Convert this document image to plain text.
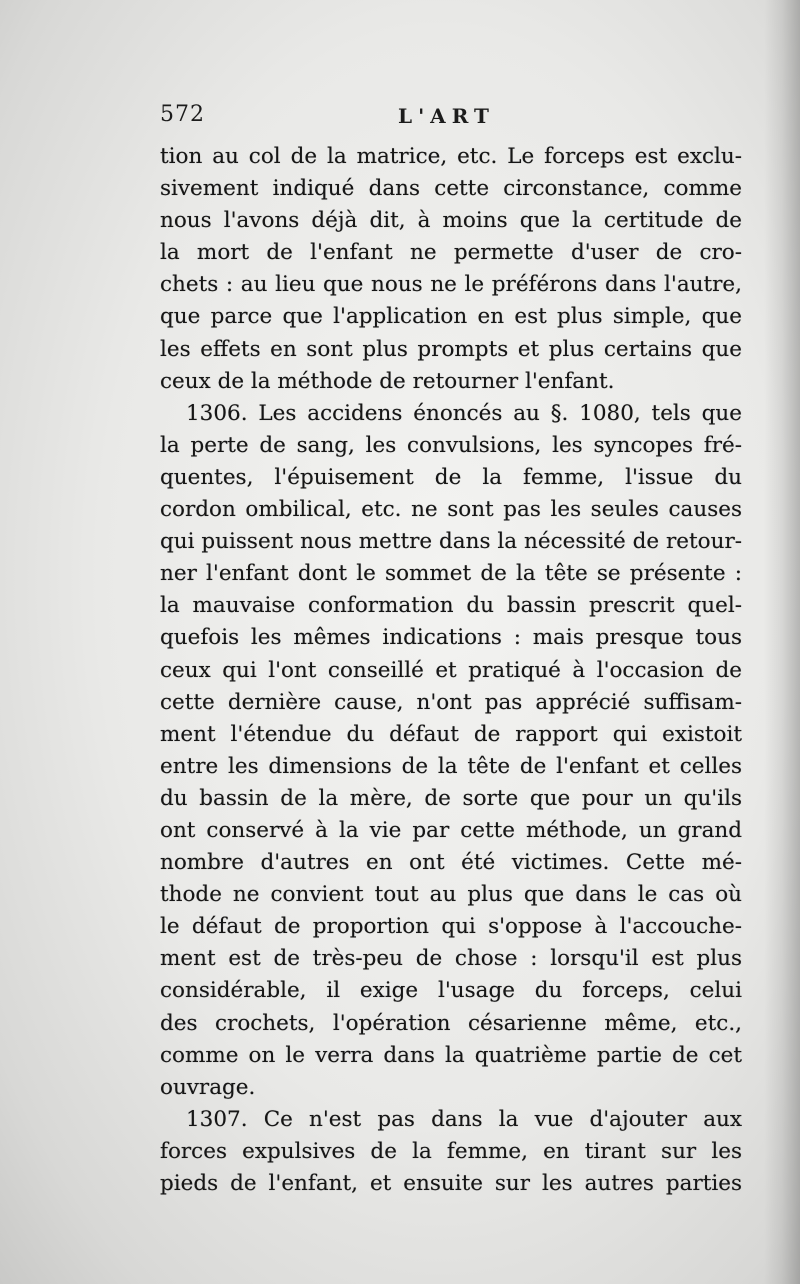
572	L'ART
tion au col de la matrice, etc. Le forceps est exclu-
sivement indiqué dans cette circonstance, comme
nous l'avons déjà dit, à moins que la certitude de
la mort de l'enfant ne permette d'user de cro-
chets : au lieu que nous ne le préférons dans l'autre,
que parce que l'application en est plus simple, que
les effets en sont plus prompts et plus certains que
ceux de la méthode de retourner l'enfant.
1306. Les accidens énoncés au §. 1080, tels que
la perte de sang, les convulsions, les syncopes fré-
quentes, l'épuisement de la femme, l'issue du
cordon ombilical, etc. ne sont pas les seules causes
qui puissent nous mettre dans la nécessité de retour-
ner l'enfant dont le sommet de la tête se présente :
la mauvaise conformation du bassin prescrit quel-
quefois les mêmes indications : mais presque tous
ceux qui l'ont conseillé et pratiqué à l'occasion de
cette dernière cause, n'ont pas apprécié suffisam-
ment l'étendue du défaut de rapport qui existoit
entre les dimensions de la tête de l'enfant et celles
du bassin de la mère, de sorte que pour un qu'ils
ont conservé à la vie par cette méthode, un grand
nombre d'autres en ont été victimes. Cette mé-
thode ne convient tout au plus que dans le cas où
le défaut de proportion qui s'oppose à l'accouche-
ment est de très-peu de chose : lorsqu'il est plus
considérable, il exige l'usage du forceps, celui
des crochets, l'opération césarienne même, etc.,
comme on le verra dans la quatrième partie de cet
ouvrage.
1307. Ce n'est pas dans la vue d'ajouter aux
forces expulsives de la femme, en tirant sur les
pieds de l'enfant, et ensuite sur les autres parties
